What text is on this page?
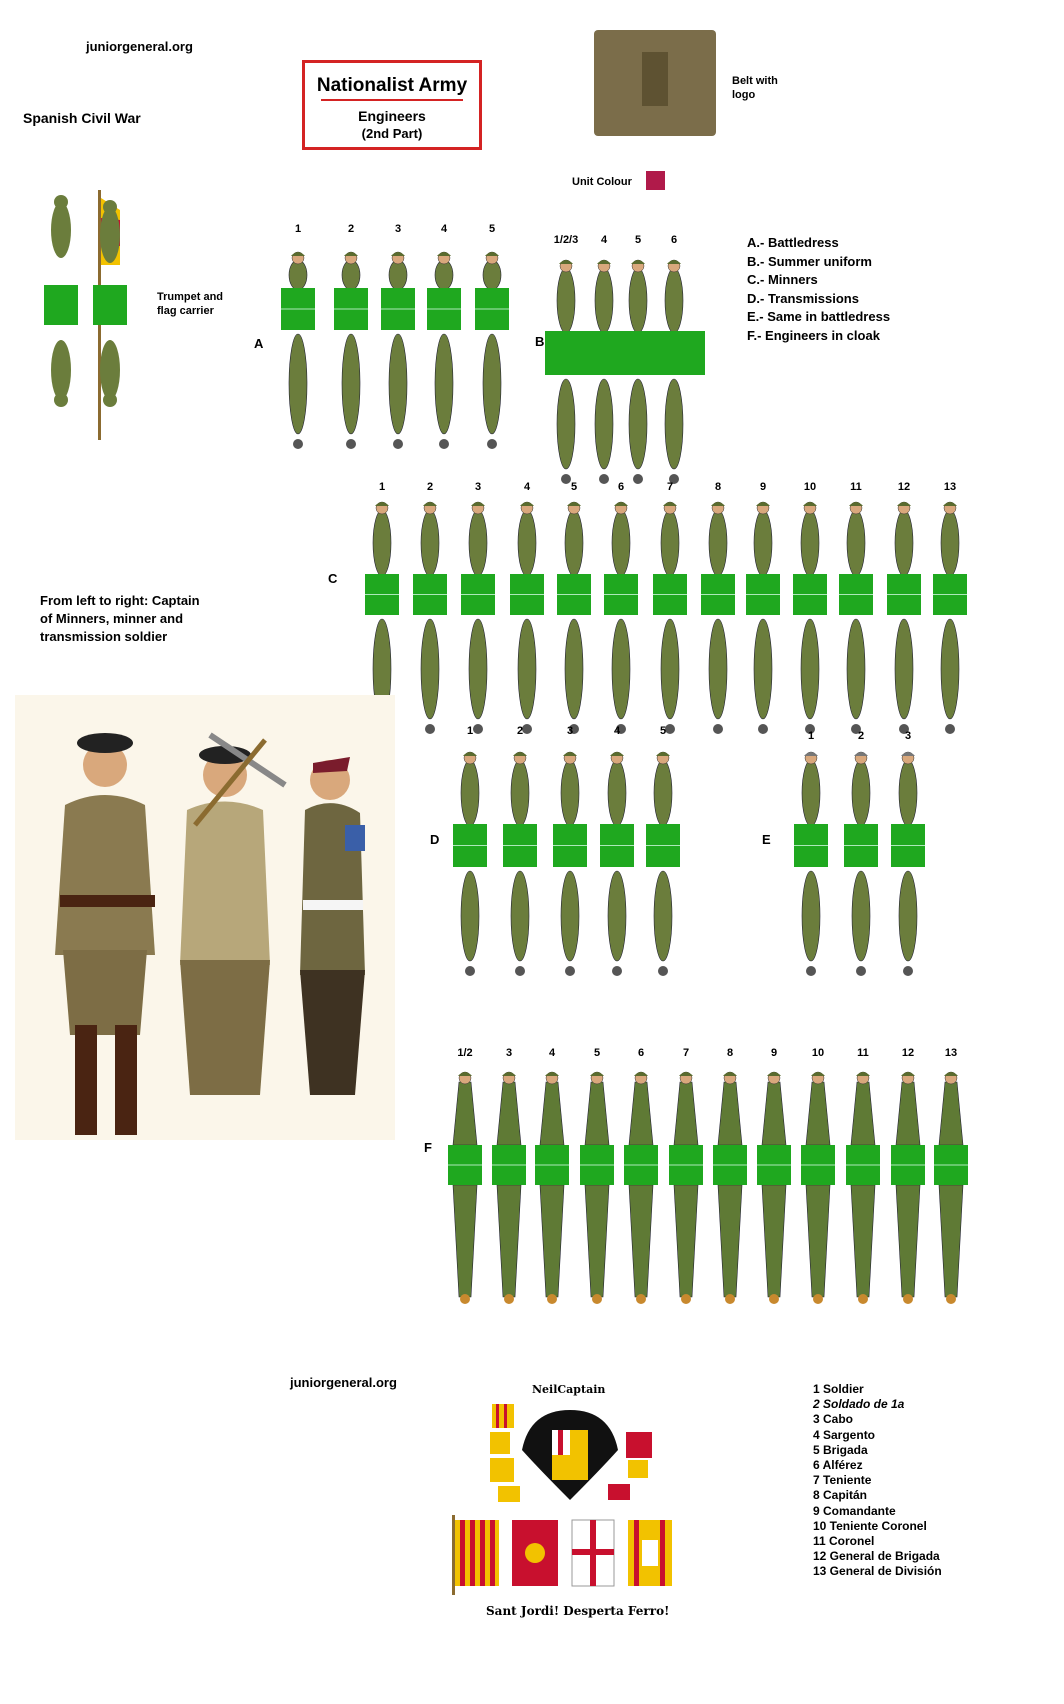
juniorgeneral.org
Spanish Civil War
Nationalist Army
Engineers
(2nd Part)
Belt with logo
Unit Colour
Trumpet and flag carrier
A.- Battledress
B.- Summer uniform
C.- Minners
D.- Transmissions
E.- Same in battledress
F.- Engineers in cloak
A	B
C
D	E
F
1	2	3	4	5
1/2/3	4	5	6
1	2	3	4	5	6	7	8	9	10	11	12	13
1	2	3	4	5	1	2	3
1/2	3	4	5	6	7	8	9	10	11	12	13
From left to right: Captain of Minners, minner and transmission soldier
juniorgeneral.org	NeilCaptain
Sant Jordi! Desperta Ferro!
1 Soldier
2 Soldado de 1a
3 Cabo
4 Sargento
5 Brigada
6 Alférez
7 Teniente
8 Capitán
9 Comandante
10 Teniente Coronel
11 Coronel
12 General de Brigada
13 General de División
